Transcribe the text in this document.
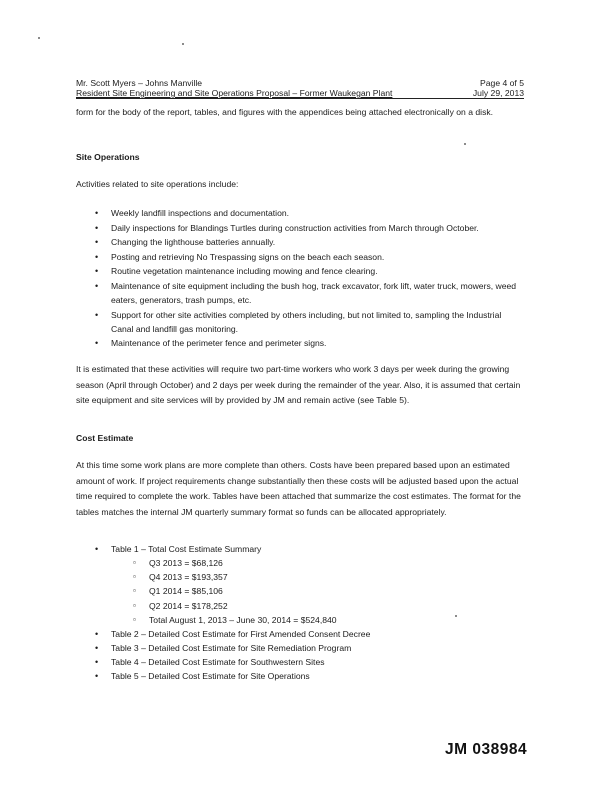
Mr. Scott Myers – Johns Manville	Page 4 of 5
Resident Site Engineering and Site Operations Proposal – Former Waukegan Plant	July 29, 2013
form for the body of the report, tables, and figures with the appendices being attached electronically on a disk.
Site Operations
Activities related to site operations include:
• Weekly landfill inspections and documentation.
• Daily inspections for Blandings Turtles during construction activities from March through October.
• Changing the lighthouse batteries annually.
• Posting and retrieving No Trespassing signs on the beach each season.
• Routine vegetation maintenance including mowing and fence clearing.
• Maintenance of site equipment including the bush hog, track excavator, fork lift, water truck, mowers, weed eaters, generators, trash pumps, etc.
• Support for other site activities completed by others including, but not limited to, sampling the Industrial Canal and landfill gas monitoring.
• Maintenance of the perimeter fence and perimeter signs.
It is estimated that these activities will require two part-time workers who work 3 days per week during the growing season (April through October) and 2 days per week during the remainder of the year. Also, it is assumed that certain site equipment and site services will by provided by JM and remain active (see Table 5).
Cost Estimate
At this time some work plans are more complete than others. Costs have been prepared based upon an estimated amount of work. If project requirements change substantially then these costs will be adjusted based upon the actual time required to complete the work. Tables have been attached that summarize the cost estimates. The format for the tables matches the internal JM quarterly summary format so funds can be allocated appropriately.
• Table 1 – Total Cost Estimate Summary
▫ Q3 2013 = $68,126
▫ Q4 2013 = $193,357
▫ Q1 2014 = $85,106
▫ Q2 2014 = $178,252
▫ Total August 1, 2013 – June 30, 2014 = $524,840
• Table 2 – Detailed Cost Estimate for First Amended Consent Decree
• Table 3 – Detailed Cost Estimate for Site Remediation Program
• Table 4 – Detailed Cost Estimate for Southwestern Sites
• Table 5 – Detailed Cost Estimate for Site Operations
JM 038984
